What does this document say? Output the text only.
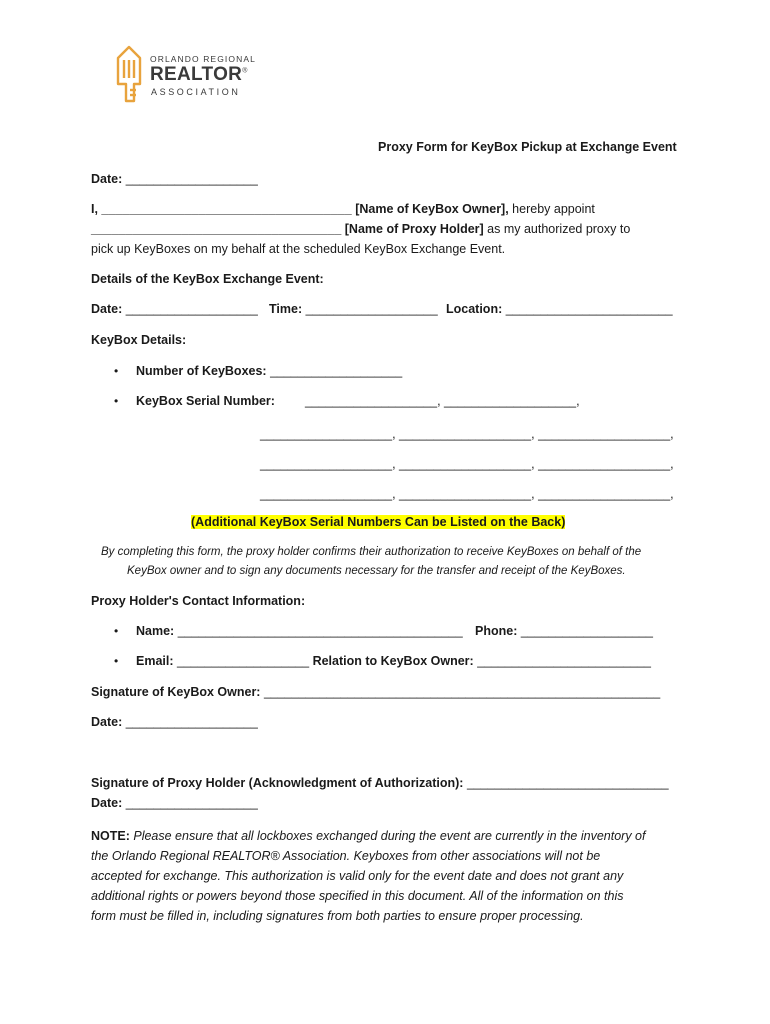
ORLANDO REGIONAL
REALTOR®
ASSOCIATION
Proxy Form for KeyBox Pickup at Exchange Event
Date: ___________________
I, ____________________________________ [Name of KeyBox Owner], hereby appoint
____________________________________ [Name of Proxy Holder] as my authorized proxy to
pick up KeyBoxes on my behalf at the scheduled KeyBox Exchange Event.
Details of the KeyBox Exchange Event:
Date: ___________________ Time: ___________________ Location: ________________________
KeyBox Details:
• Number of KeyBoxes: ___________________
• KeyBox Serial Number: ___________________, ___________________,
___________________, ___________________, ___________________,
___________________, ___________________, ___________________,
___________________, ___________________, ___________________,
(Additional KeyBox Serial Numbers Can be Listed on the Back)
By completing this form, the proxy holder confirms their authorization to receive KeyBoxes on behalf of the
KeyBox owner and to sign any documents necessary for the transfer and receipt of the KeyBoxes.
Proxy Holder's Contact Information:
• Name: _________________________________________ Phone: ___________________
• Email: ___________________ Relation to KeyBox Owner: _________________________
Signature of KeyBox Owner: _________________________________________________________
Date: ___________________
Signature of Proxy Holder (Acknowledgment of Authorization): _____________________________
Date: ___________________
NOTE: Please ensure that all lockboxes exchanged during the event are currently in the inventory of
the Orlando Regional REALTOR® Association. Keyboxes from other associations will not be
accepted for exchange. This authorization is valid only for the event date and does not grant any
additional rights or powers beyond those specified in this document. All of the information on this
form must be filled in, including signatures from both parties to ensure proper processing.
